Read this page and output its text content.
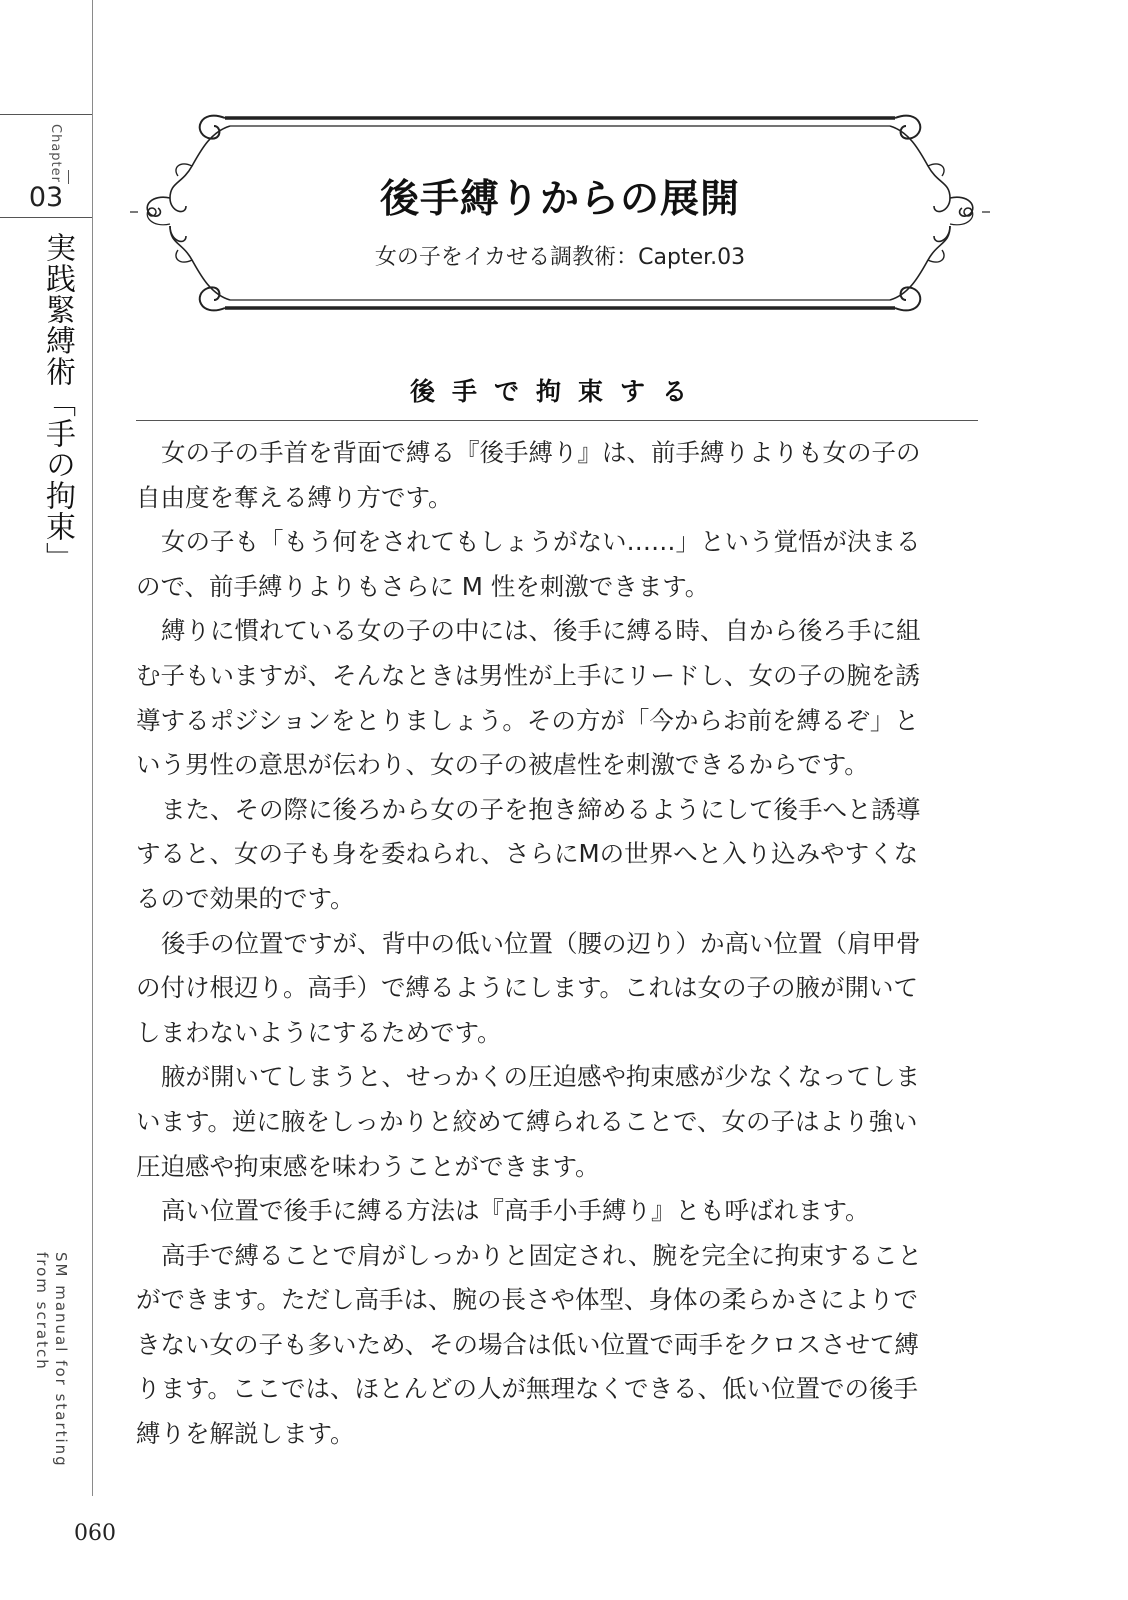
Chapter
03
実践緊縛術「手の拘束」
SM manual for starting
from scratch
060
後手縛りからの展開
女の子をイカせる調教術：Capter.03
後手で拘束する
女の子の手首を背面で縛る『後手縛り』は、前手縛りよりも女の子の
自由度を奪える縛り方です。
女の子も「もう何をされてもしょうがない……」という覚悟が決まる
ので、前手縛りよりもさらに M 性を刺激できます。
縛りに慣れている女の子の中には、後手に縛る時、自から後ろ手に組
む子もいますが、そんなときは男性が上手にリードし、女の子の腕を誘
導するポジションをとりましょう。その方が「今からお前を縛るぞ」と
いう男性の意思が伝わり、女の子の被虐性を刺激できるからです。
また、その際に後ろから女の子を抱き締めるようにして後手へと誘導
すると、女の子も身を委ねられ、さらにMの世界へと入り込みやすくな
るので効果的です。
後手の位置ですが、背中の低い位置（腰の辺り）か高い位置（肩甲骨
の付け根辺り。高手）で縛るようにします。これは女の子の腋が開いて
しまわないようにするためです。
腋が開いてしまうと、せっかくの圧迫感や拘束感が少なくなってしま
います。逆に腋をしっかりと絞めて縛られることで、女の子はより強い
圧迫感や拘束感を味わうことができます。
高い位置で後手に縛る方法は『高手小手縛り』とも呼ばれます。
高手で縛ることで肩がしっかりと固定され、腕を完全に拘束すること
ができます。ただし高手は、腕の長さや体型、身体の柔らかさによりで
きない女の子も多いため、その場合は低い位置で両手をクロスさせて縛
ります。ここでは、ほとんどの人が無理なくできる、低い位置での後手
縛りを解説します。
